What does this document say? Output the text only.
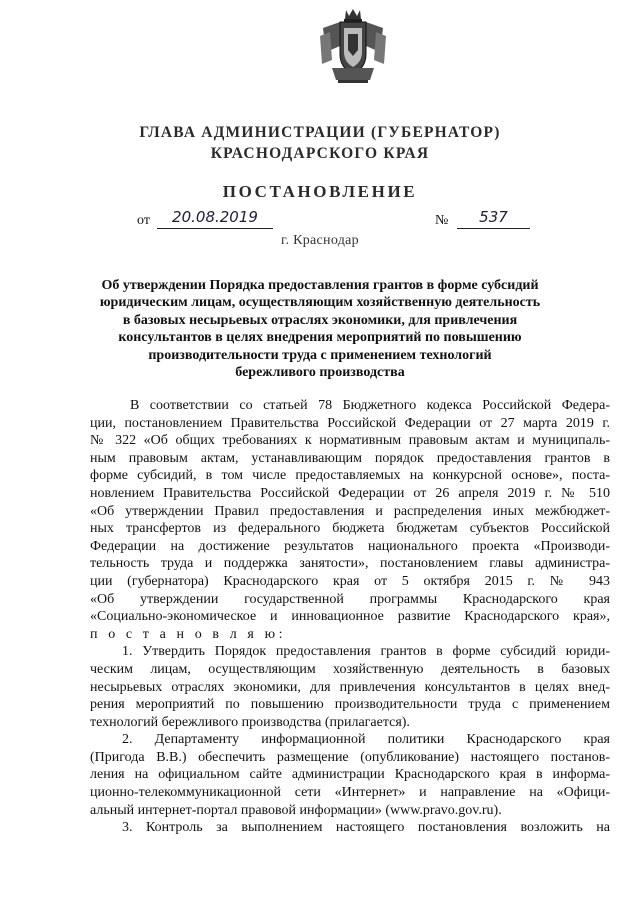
ГЛАВА АДМИНИСТРАЦИИ (ГУБЕРНАТОР)
КРАСНОДАРСКОГО КРАЯ
ПОСТАНОВЛЕНИЕ
от	20.08.2019	№	537
г. Краснодар
Об утверждении Порядка предоставления грантов в форме субсидий
юридическим лицам, осуществляющим хозяйственную деятельность
в базовых несырьевых отраслях экономики, для привлечения
консультантов в целях внедрения мероприятий по повышению
производительности труда с применением технологий
бережливого производства
В соответствии со статьей 78 Бюджетного кодекса Российской Федера-
ции, постановлением Правительства Российской Федерации от 27 марта 2019 г.
№ 322 «Об общих требованиях к нормативным правовым актам и муниципаль-
ным правовым актам, устанавливающим порядок предоставления грантов в
форме субсидий, в том числе предоставляемых на конкурсной основе», поста-
новлением Правительства Российской Федерации от 26 апреля 2019 г. № 510
«Об утверждении Правил предоставления и распределения иных межбюджет-
ных трансфертов из федерального бюджета бюджетам субъектов Российской
Федерации на достижение результатов национального проекта «Производи-
тельность труда и поддержка занятости», постановлением главы администра-
ции (губернатора) Краснодарского края от 5 октября 2015 г. № 943
«Об утверждении государственной программы Краснодарского края
«Социально-экономическое и инновационное развитие Краснодарского края»,
п о с т а н о в л я ю:
1. Утвердить Порядок предоставления грантов в форме субсидий юриди-
ческим лицам, осуществляющим хозяйственную деятельность в базовых
несырьевых отраслях экономики, для привлечения консультантов в целях внед-
рения мероприятий по повышению производительности труда с применением
технологий бережливого производства (прилагается).
2. Департаменту информационной политики Краснодарского края
(Пригода В.В.) обеспечить размещение (опубликование) настоящего постанов-
ления на официальном сайте администрации Краснодарского края в информа-
ционно-телекоммуникационной сети «Интернет» и направление на «Офици-
альный интернет-портал правовой информации» (www.pravo.gov.ru).
3. Контроль за выполнением настоящего постановления возложить на
